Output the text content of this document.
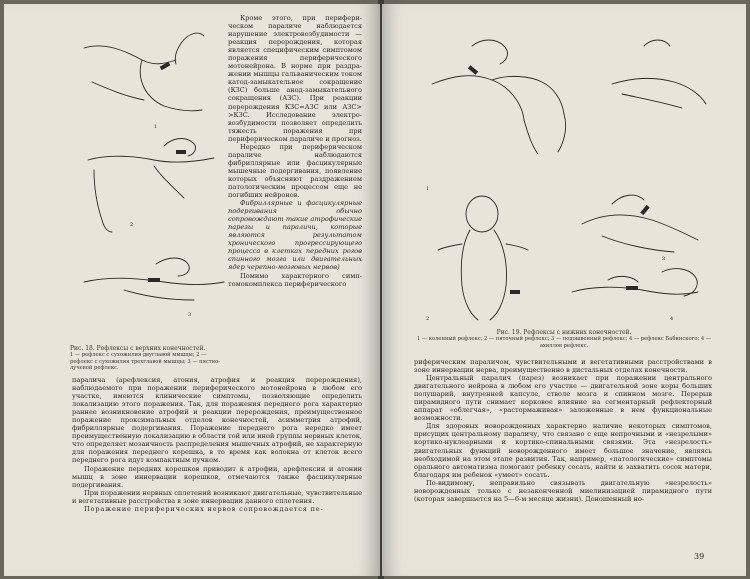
1
2
3

Кроме этого, при периферическом параличе наблюдается нарушение электровозбудимости — реакция перерождения, которая является специфическим симптомом поражения периферического мотонейрона. В норме при раздражении мышцы гальваническим током катод-замыкательное сокращение (КЗС) больше анод-замыкательного сокращения (АЗС). При реакции перерождения КЗС=АЗС или АЗС> >КЗС. Исследование электровозбудимости позволяет определить тяжесть поражения при периферическом параличе и прогноз.

Нередко при периферическом параличе наблюдаются фибриллярные или фасцикулярные мышечные подергивания, появление которых объясняют раздражением патологическим процессом еще не погибших нейронов.

Фибриллярные и фасцикулярные подергивания обычно сопровождают такие атрофические парезы и параличи, которые являются результатом хронического прогрессирующего процесса в клетках передних рогов спинного мозга или двигательных ядер черепно-мозговых нервов)

Помимо характерного симптомокомплекса периферического

Рис. 18. Рефлексы с верхних конечностей.
1 — рефлекс с сухожилия двуглавой мышцы; 2 — рефлекс с сухожилия трехглавой мышцы; 3 — пястно-лучевой рефлекс.

паралича (арефлексия, атония, атрофия и реакция перерождения), наблюдаемого при поражении периферического мотонейрона в любом его участке, имеются клинические симптомы, позволяющие определить локализацию этого поражения. Так, для поражения переднего рога характерно раннее возникновение атрофий и реакции перерождения, преимущественное поражение проксимальных отделов конечностей, асимметрия атрофий, фибриллярные подергивания. Поражение переднего рога нередко имеет преимущественную локализацию в области той или иной группы нервных клеток, что определяет мозаичность распределения мышечных атрофий, не характерную для поражения переднего корешка, в то время как волокна от клеток всего переднего рога идут компактным пучком.

Поражение передних корешков приводит к атрофии, арефлексии и атонии мышц в зоне иннервации корешков, отмечаются также фасцикулярные подергивания.

При поражении нервных сплетений возникают двигательные, чувствительные и вегетативные расстройства в зоне иннервации данного сплетения.

Поражение периферических нервов сопровождается пе-

1
2
3
4
Рис. 19. Рефлексы с нижних конечностей.
1 — коленный рефлекс; 2 — пяточный рефлекс; 3 — подошвенный рефлекс; 4 — рефлекс Бабинского; 4 — ахиллов рефлекс.

риферическим параличом, чувствительными и вегетативными расстройствами в зоне иннервации нерва, преимущественно в дистальных отделах конечности.

Центральный паралич (парез) возникает при поражении центрального двигательного нейрона в любом его участке — двигательной зоне коры больших полушарий, внутренней капсуле, стволе мозга и спинном мозге. Перерыв пирамидного пути снимает корковое влияние на сегментарный рефлекторный аппарат «облегчая», «растормаживая» заложенные в нем функциональные возможности.

Для здоровых новорожденных характерно наличие некоторых симптомов, присущих центральному параличу, что связано с еще непрочными и «незрелыми» кортико-нуклеарными и кортико-спинальными связями. Эта «незрелость» двигательных функций новорожденного имеет большое значение, являясь необходимой на этом этапе развития. Так, например, «патологические» симптомы орального автоматизма помогают ребенку сосать, найти и захватить сосок матери, благодаря им ребенок «умеет» сосать.

По-видимому, неправильно связывать двигательную «незрелость» новорожденных только с незаконченной миелинизацией пирамидного пути (которая завершается на 5—6-м месяце жизни). Доношенный но-

39
